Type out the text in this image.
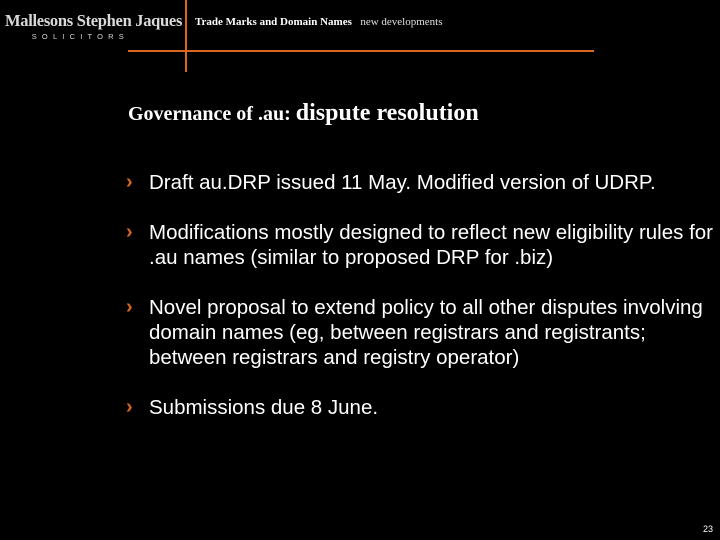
Mallesons Stephen Jaques
SOLICITORS
Trade Marks and Domain Names new developments
Governance of .au: dispute resolution
› Draft au.DRP issued 11 May. Modified version of UDRP.
› Modifications mostly designed to reflect new eligibility rules for .au names (similar to proposed DRP for .biz)
› Novel proposal to extend policy to all other disputes involving domain names (eg, between registrars and registrants; between registrars and registry operator)
› Submissions due 8 June.
23
